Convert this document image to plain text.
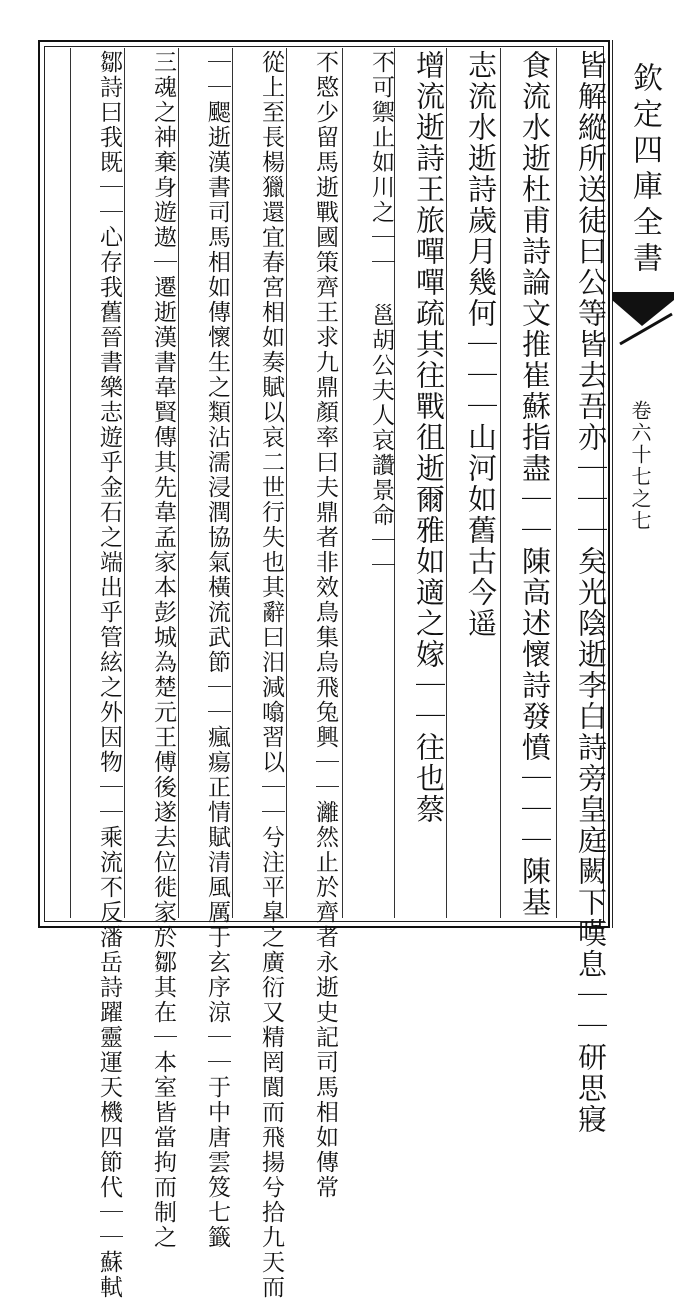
欽定四庫全書
卷六十七之七
皆解縱所送徒曰公等皆去吾亦｜｜｜矣光陰逝李白詩旁皇庭闕下嘆息｜｜研思寢
食流水逝杜甫詩論文推崔蘇指盡｜｜陳高述懷詩發憤｜｜｜陳基
志流水逝詩歲月幾何｜｜｜山河如舊古今遥
增流逝詩王旅嘽嘽疏其往戰徂逝爾雅如適之嫁｜｜往也蔡
不可禦止如川之｜｜ 邕胡公夫人哀讚景命｜｜
不愍少留馬逝戰國策齊王求九鼎顏率曰夫鼎者非效鳥集烏飛兔興｜｜灕然止於齊者永逝史記司馬相如傳常
從上至長楊獵還宜春宮相如奏賦以哀二世行失也其辭曰汨減噏習以｜｜兮注平皐之廣衍又精罔閬而飛揚兮拾九天而
｜｜颸逝漢書司馬相如傳懷生之類沾濡浸潤協氣橫流武節｜｜瘋瘍正情賦清風厲于玄序涼｜｜于中唐雲笈七籤
三魂之神棄身遊遨｜遷逝漢書韋賢傳其先韋孟家本彭城為楚元王傅後遂去位徙家於鄒其在｜本室皆當拘而制之
鄒詩曰我既｜｜心存我舊晉書樂志遊乎金石之端出乎管絃之外因物｜｜乘流不反潘岳詩躍靈運天機四節代｜｜蘇軾
